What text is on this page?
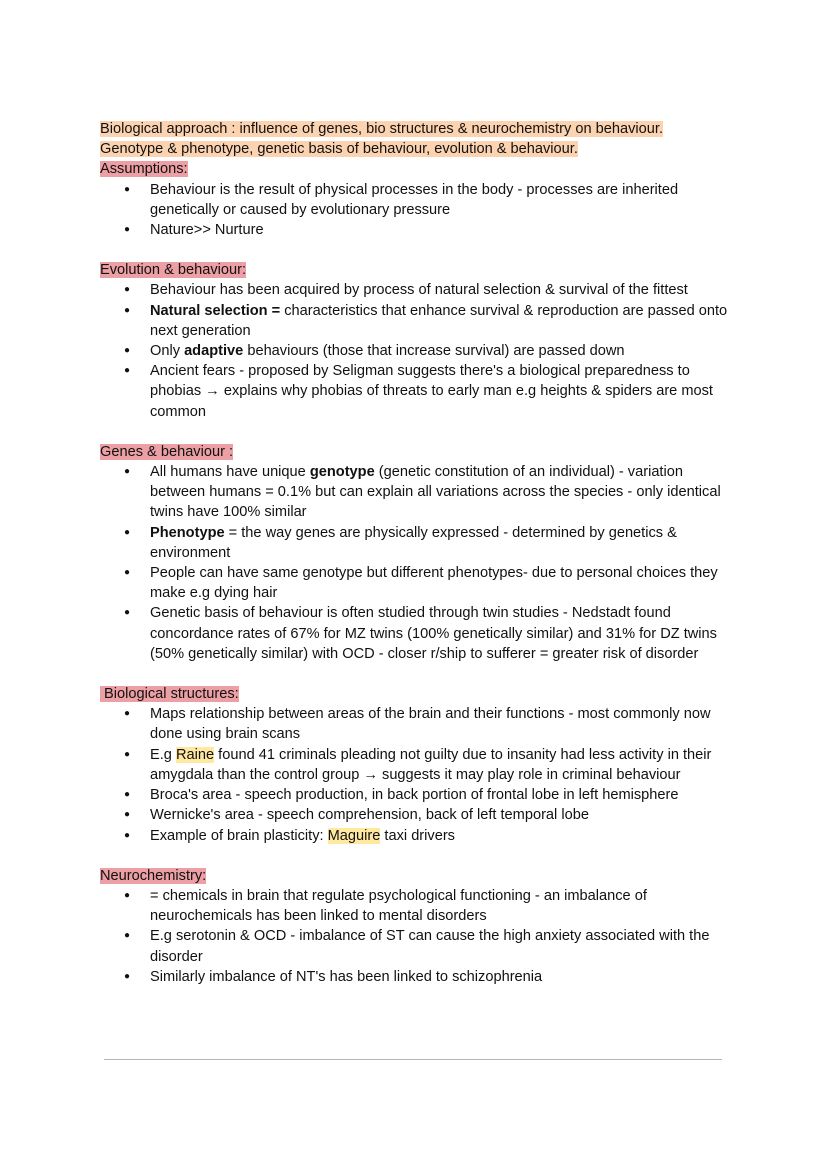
Biological approach : influence of genes, bio structures & neurochemistry on behaviour.
Genotype & phenotype, genetic basis of behaviour, evolution & behaviour.
Assumptions:
● Behaviour is the result of physical processes in the body - processes are inherited genetically or caused by evolutionary pressure
● Nature>> Nurture
Evolution & behaviour:
● Behaviour has been acquired by process of natural selection & survival of the fittest
● Natural selection = characteristics that enhance survival & reproduction are passed onto next generation
● Only adaptive behaviours (those that increase survival) are passed down
● Ancient fears - proposed by Seligman suggests there's a biological preparedness to phobias → explains why phobias of threats to early man e.g heights & spiders are most common
Genes & behaviour :
● All humans have unique genotype (genetic constitution of an individual) - variation between humans = 0.1% but can explain all variations across the species - only identical twins have 100% similar
● Phenotype = the way genes are physically expressed - determined by genetics & environment
● People can have same genotype but different phenotypes- due to personal choices they make e.g dying hair
● Genetic basis of behaviour is often studied through twin studies - Nedstadt found concordance rates of 67% for MZ twins (100% genetically similar) and 31% for DZ twins (50% genetically similar) with OCD - closer r/ship to sufferer = greater risk of disorder
Biological structures:
● Maps relationship between areas of the brain and their functions - most commonly now done using brain scans
● E.g Raine found 41 criminals pleading not guilty due to insanity had less activity in their amygdala than the control group → suggests it may play role in criminal behaviour
● Broca's area - speech production, in back portion of frontal lobe in left hemisphere
● Wernicke's area - speech comprehension, back of left temporal lobe
● Example of brain plasticity: Maguire taxi drivers
Neurochemistry:
● = chemicals in brain that regulate psychological functioning - an imbalance of neurochemicals has been linked to mental disorders
● E.g serotonin & OCD - imbalance of ST can cause the high anxiety associated with the disorder
● Similarly imbalance of NT's has been linked to schizophrenia
